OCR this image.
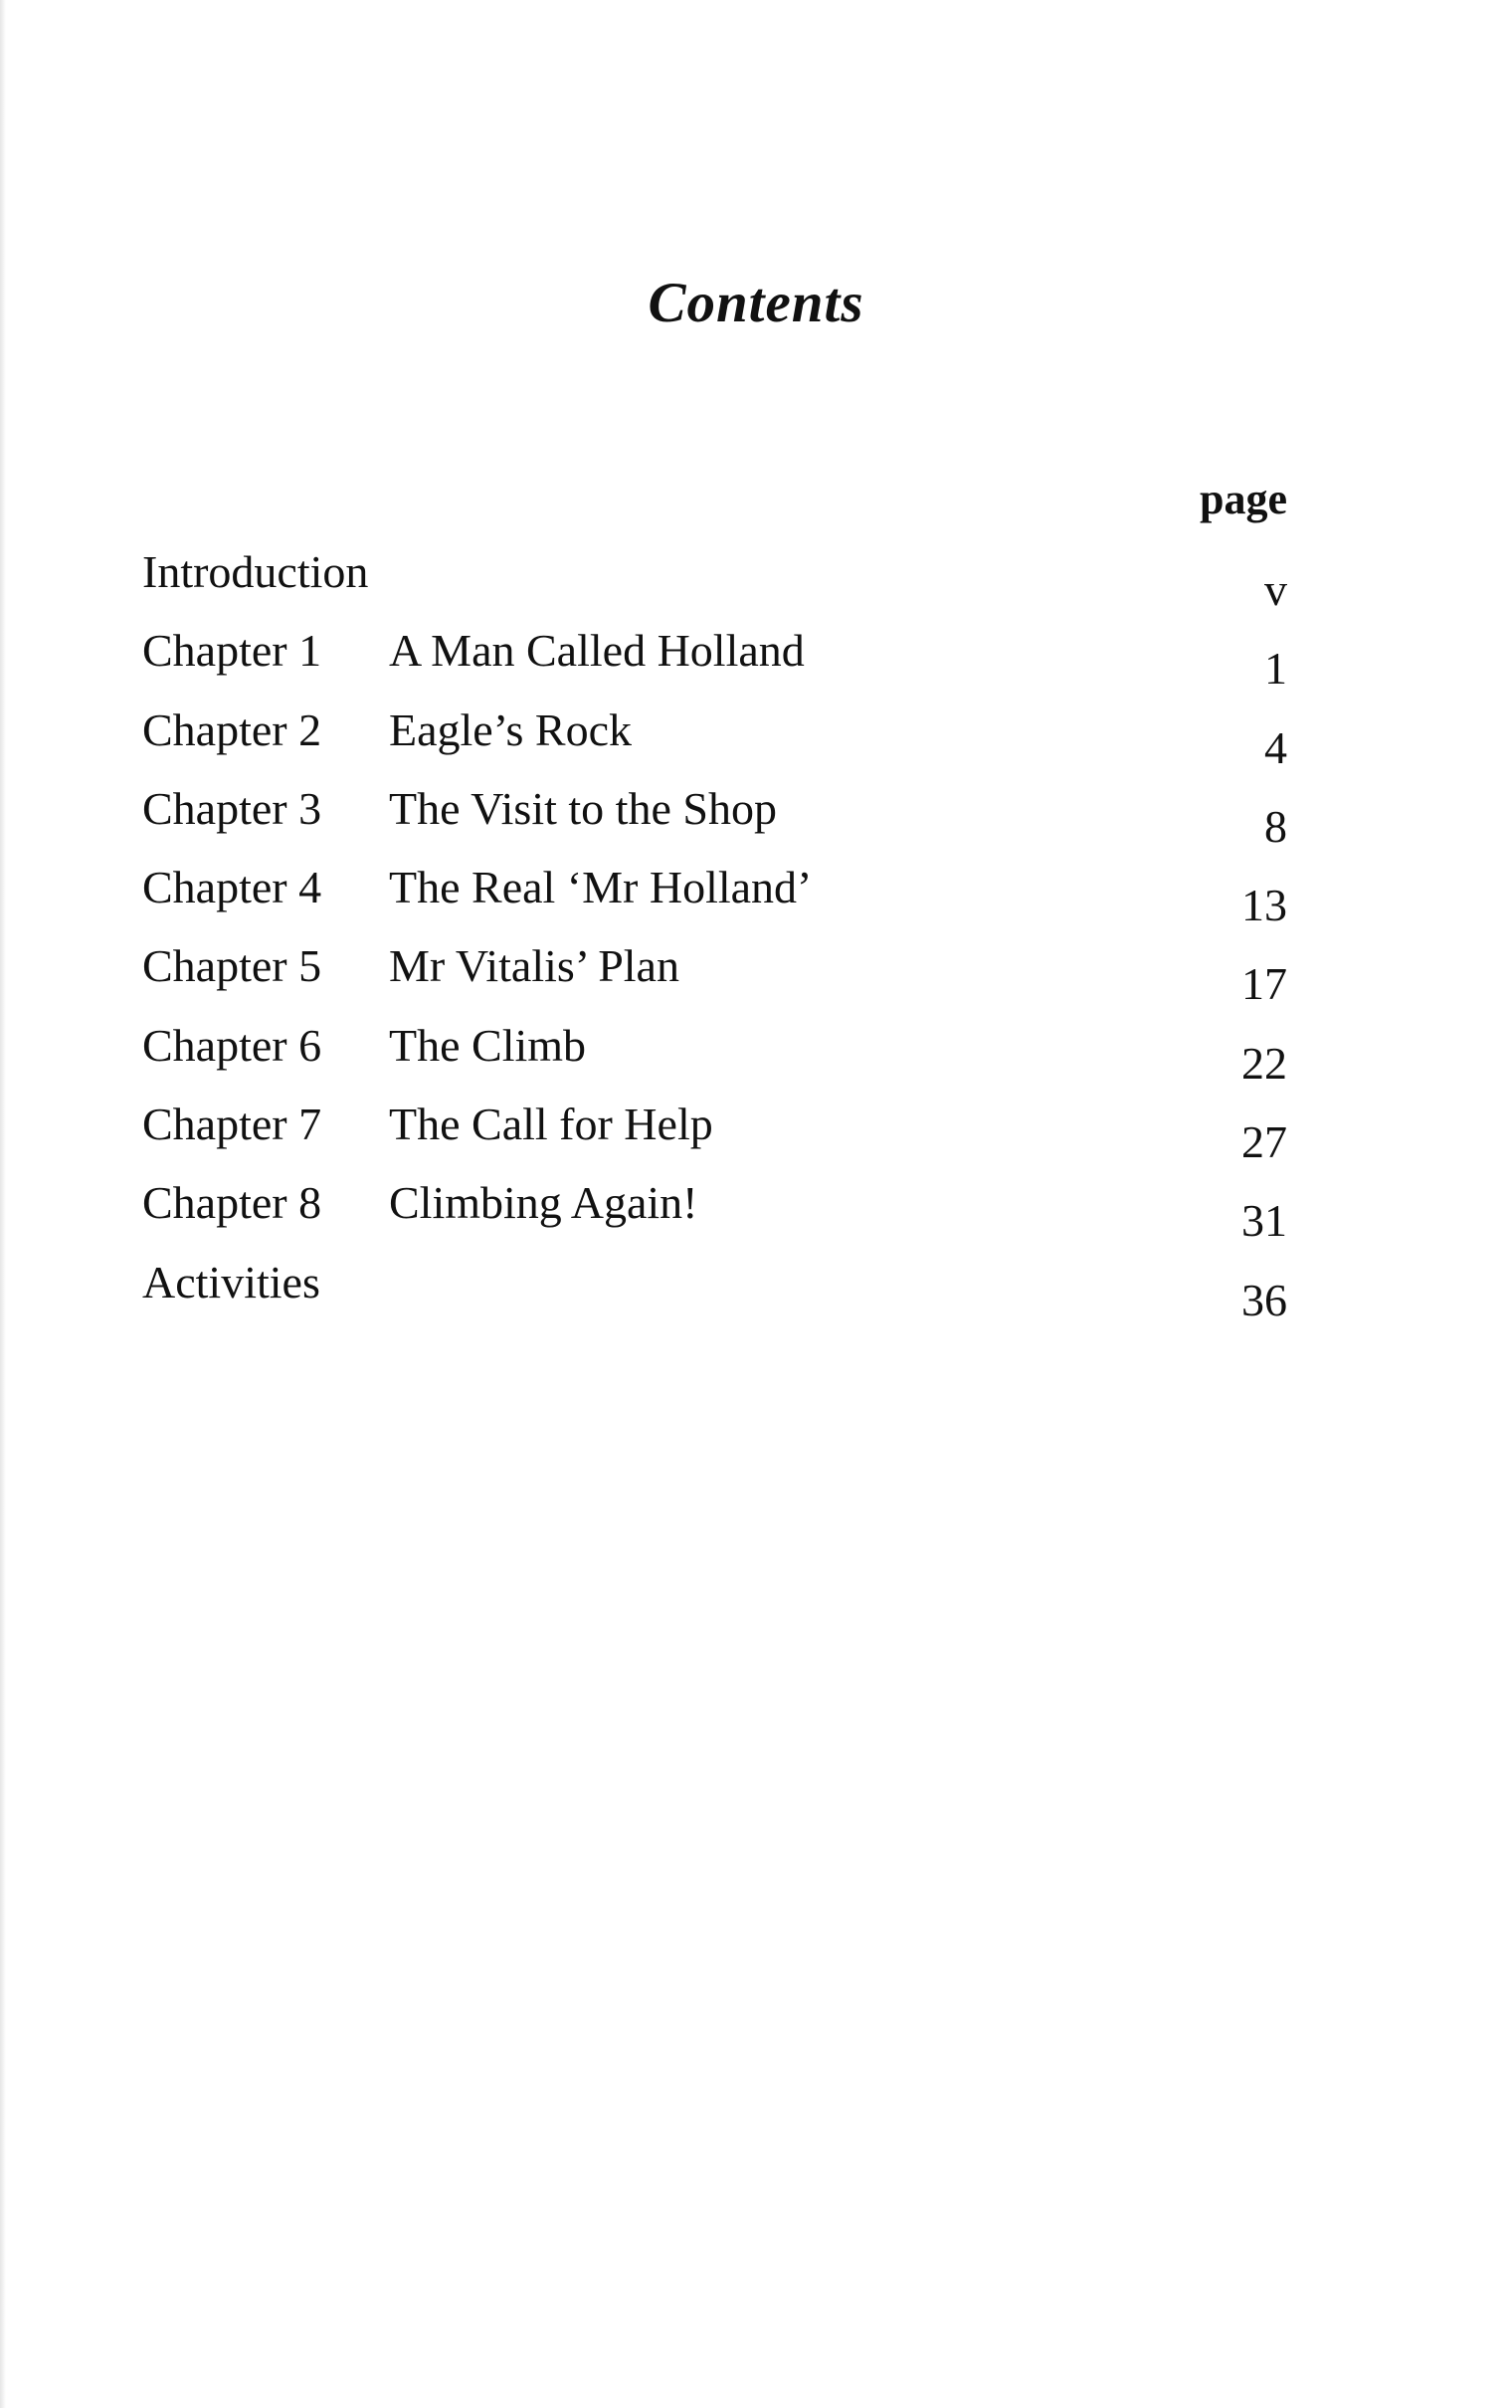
Contents
page
Introduction	v
Chapter 1 A Man Called Holland	1
Chapter 2 Eagle’s Rock	4
Chapter 3 The Visit to the Shop	8
Chapter 4 The Real ‘Mr Holland’	13
Chapter 5 Mr Vitalis’ Plan	17
Chapter 6 The Climb	22
Chapter 7 The Call for Help	27
Chapter 8 Climbing Again!	31
Activities	36
